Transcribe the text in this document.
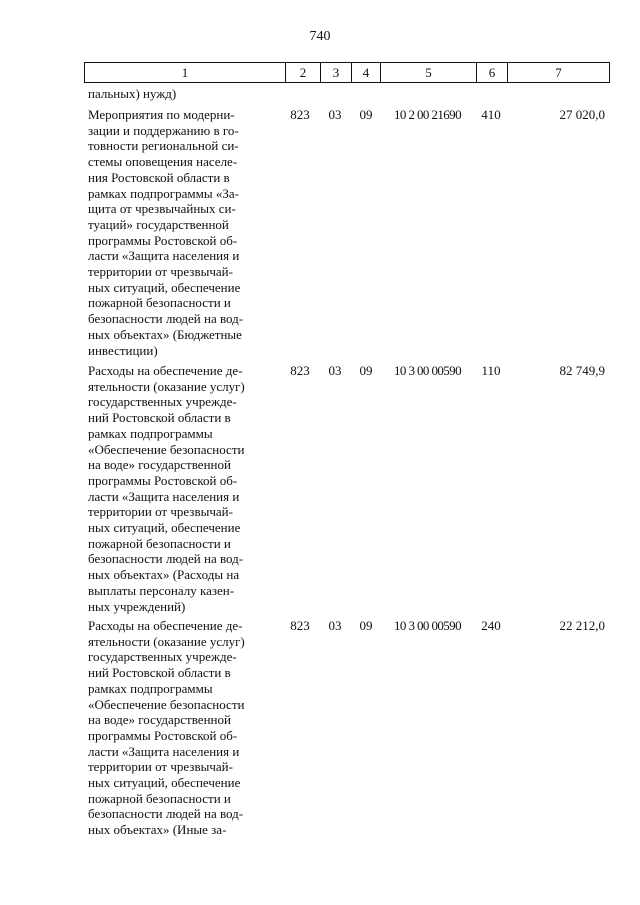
740
1	2	3	4	5	6	7
пальных) нужд)
Мероприятия по модерни-
зации и поддержанию в го-
товности региональной си-
стемы оповещения населе-
ния Ростовской области в
рамках подпрограммы «За-
щита от чрезвычайных си-
туаций» государственной
программы Ростовской об-
ласти «Защита населения и
территории от чрезвычай-
ных ситуаций, обеспечение
пожарной безопасности и
безопасности людей на вод-
ных объектах» (Бюджетные
инвестиции)
823	03	09	10 2 00 21690	410	27 020,0
Расходы на обеспечение де-
ятельности (оказание услуг)
государственных учрежде-
ний Ростовской области в
рамках подпрограммы
«Обеспечение безопасности
на воде» государственной
программы Ростовской об-
ласти «Защита населения и
территории от чрезвычай-
ных ситуаций, обеспечение
пожарной безопасности и
безопасности людей на вод-
ных объектах» (Расходы на
выплаты персоналу казен-
ных учреждений)
823	03	09	10 3 00 00590	110	82 749,9
Расходы на обеспечение де-
ятельности (оказание услуг)
государственных учрежде-
ний Ростовской области в
рамках подпрограммы
«Обеспечение безопасности
на воде» государственной
программы Ростовской об-
ласти «Защита населения и
территории от чрезвычай-
ных ситуаций, обеспечение
пожарной безопасности и
безопасности людей на вод-
ных объектах» (Иные за-
823	03	09	10 3 00 00590	240	22 212,0
